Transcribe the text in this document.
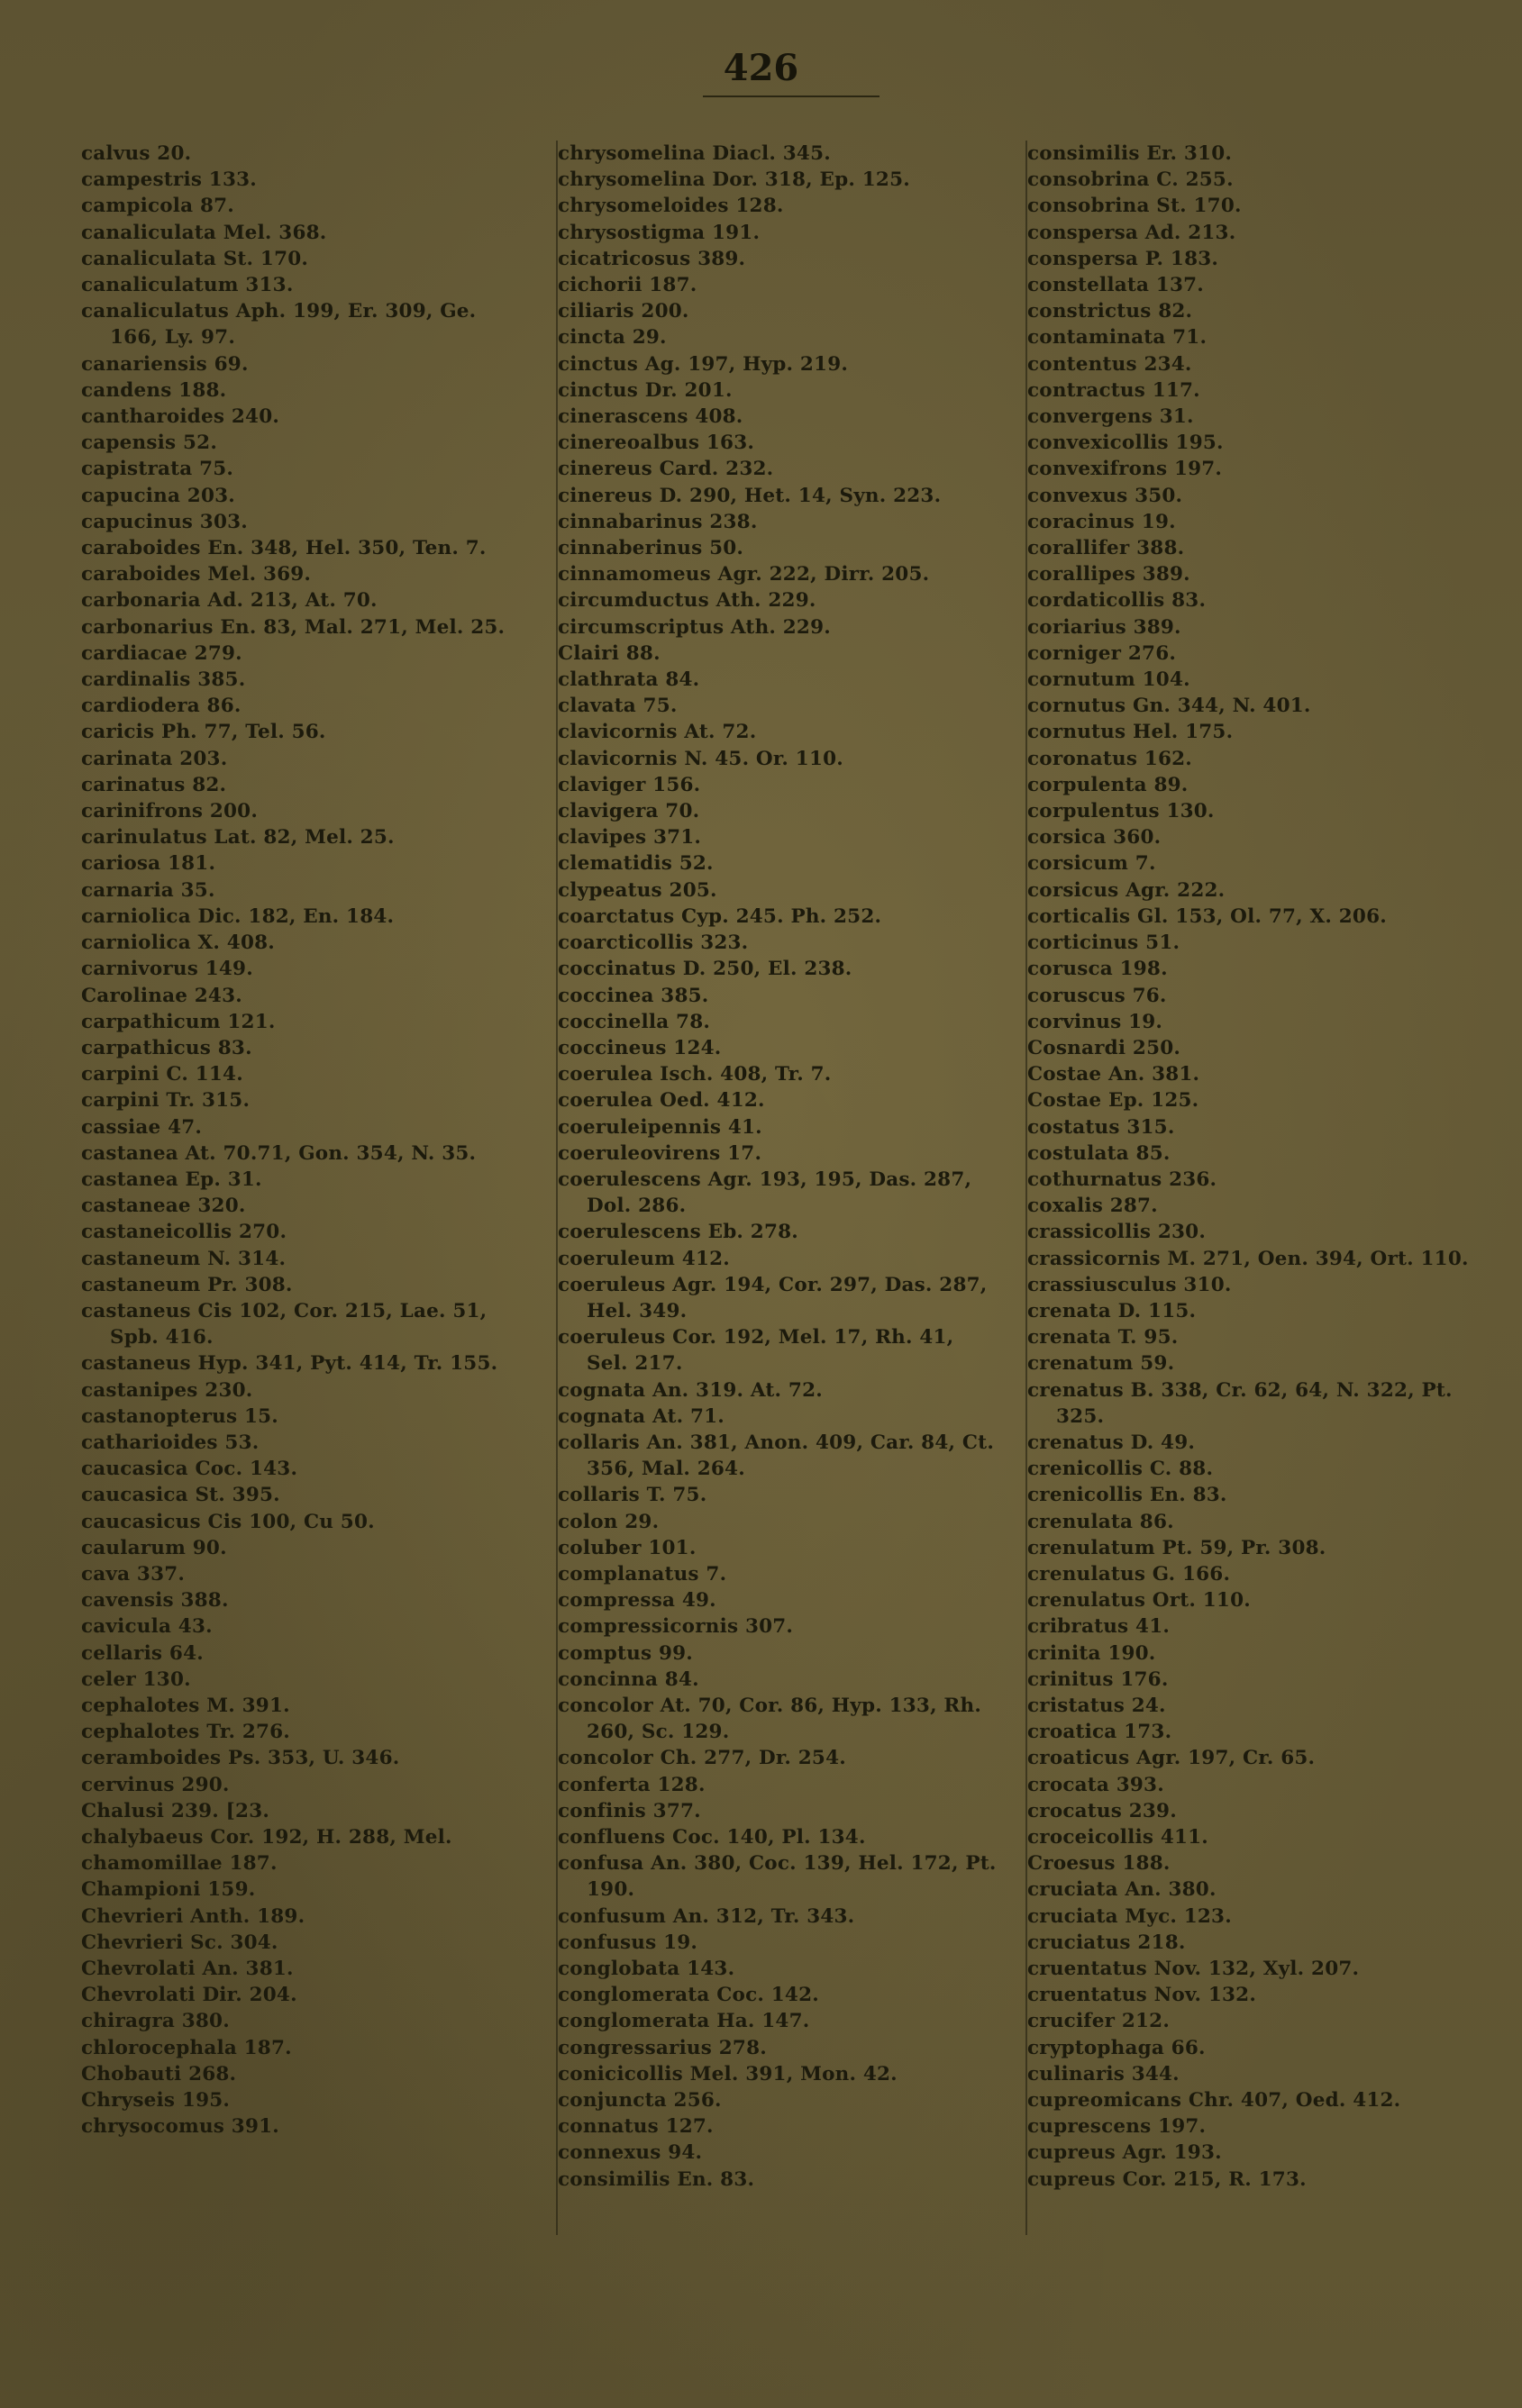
426

calvus 20.

campestris 133.

campicola 87.

canaliculata Mel. 368.

canaliculata St. 170.

canaliculatum 313.

canaliculatus Aph. 199, Er. 309, Ge. 166, Ly. 97.

canariensis 69.

candens 188.

cantharoides 240.

capensis 52.

capistrata 75.

capucina 203.

capucinus 303.

caraboides En. 348, Hel. 350, Ten. 7.

caraboides Mel. 369.

carbonaria Ad. 213, At. 70.

carbonarius En. 83, Mal. 271, Mel. 25.

cardiacae 279.

cardinalis 385.

cardiodera 86.

caricis Ph. 77, Tel. 56.

carinata 203.

carinatus 82.

carinifrons 200.

carinulatus Lat. 82, Mel. 25.

cariosa 181.

carnaria 35.

carniolica Dic. 182, En. 184.

carniolica X. 408.

carnivorus 149.

Carolinae 243.

carpathicum 121.

carpathicus 83.

carpini C. 114.

carpini Tr. 315.

cassiae 47.

castanea At. 70.71, Gon. 354, N. 35.

castanea Ep. 31.

castaneae 320.

castaneicollis 270.

castaneum N. 314.

castaneum Pr. 308.

castaneus Cis 102, Cor. 215, Lae. 51, Spb. 416.

castaneus Hyp. 341, Pyt. 414, Tr. 155.

castanipes 230.

castanopterus 15.

catharioides 53.

caucasica Coc. 143.

caucasica St. 395.

caucasicus Cis 100, Cu 50.

caularum 90.

cava 337.

cavensis 388.

cavicula 43.

cellaris 64.

celer 130.

cephalotes M. 391.

cephalotes Tr. 276.

ceramboides Ps. 353, U. 346.

cervinus 290.

Chalusi 239. [23.

chalybaeus Cor. 192, H. 288, Mel.

chamomillae 187.

Championi 159.

Chevrieri Anth. 189.

Chevrieri Sc. 304.

Chevrolati An. 381.

Chevrolati Dir. 204.

chiragra 380.

chlorocephala 187.

Chobauti 268.

Chryseis 195.

chrysocomus 391.

chrysomelina Diacl. 345.

chrysomelina Dor. 318, Ep. 125.

chrysomeloides 128.

chrysostigma 191.

cicatricosus 389.

cichorii 187.

ciliaris 200.

cincta 29.

cinctus Ag. 197, Hyp. 219.

cinctus Dr. 201.

cinerascens 408.

cinereoalbus 163.

cinereus Card. 232.

cinereus D. 290, Het. 14, Syn. 223.

cinnabarinus 238.

cinnaberinus 50.

cinnamomeus Agr. 222, Dirr. 205.

circumductus Ath. 229.

circumscriptus Ath. 229.

Clairi 88.

clathrata 84.

clavata 75.

clavicornis At. 72.

clavicornis N. 45. Or. 110.

claviger 156.

clavigera 70.

clavipes 371.

clematidis 52.

clypeatus 205.

coarctatus Cyp. 245. Ph. 252.

coarcticollis 323.

coccinatus D. 250, El. 238.

coccinea 385.

coccinella 78.

coccineus 124.

coerulea Isch. 408, Tr. 7.

coerulea Oed. 412.

coeruleipennis 41.

coeruleovirens 17.

coerulescens Agr. 193, 195, Das. 287, Dol. 286.

coerulescens Eb. 278.

coeruleum 412.

coeruleus Agr. 194, Cor. 297, Das. 287, Hel. 349.

coeruleus Cor. 192, Mel. 17, Rh. 41, Sel. 217.

cognata An. 319. At. 72.

cognata At. 71.

collaris An. 381, Anon. 409, Car. 84, Ct. 356, Mal. 264.

collaris T. 75.

colon 29.

coluber 101.

complanatus 7.

compressa 49.

compressicornis 307.

comptus 99.

concinna 84.

concolor At. 70, Cor. 86, Hyp. 133, Rh. 260, Sc. 129.

concolor Ch. 277, Dr. 254.

conferta 128.

confinis 377.

confluens Coc. 140, Pl. 134.

confusa An. 380, Coc. 139, Hel. 172, Pt. 190.

confusum An. 312, Tr. 343.

confusus 19.

conglobata 143.

conglomerata Coc. 142.

conglomerata Ha. 147.

congressarius 278.

conicicollis Mel. 391, Mon. 42.

conjuncta 256.

connatus 127.

connexus 94.

consimilis En. 83.

consimilis Er. 310.

consobrina C. 255.

consobrina St. 170.

conspersa Ad. 213.

conspersa P. 183.

constellata 137.

constrictus 82.

contaminata 71.

contentus 234.

contractus 117.

convergens 31.

convexicollis 195.

convexifrons 197.

convexus 350.

coracinus 19.

corallifer 388.

corallipes 389.

cordaticollis 83.

coriarius 389.

corniger 276.

cornutum 104.

cornutus Gn. 344, N. 401.

cornutus Hel. 175.

coronatus 162.

corpulenta 89.

corpulentus 130.

corsica 360.

corsicum 7.

corsicus Agr. 222.

corticalis Gl. 153, Ol. 77, X. 206.

corticinus 51.

corusca 198.

coruscus 76.

corvinus 19.

Cosnardi 250.

Costae An. 381.

Costae Ep. 125.

costatus 315.

costulata 85.

cothurnatus 236.

coxalis 287.

crassicollis 230.

crassicornis M. 271, Oen. 394, Ort. 110.

crassiusculus 310.

crenata D. 115.

crenata T. 95.

crenatum 59.

crenatus B. 338, Cr. 62, 64, N. 322, Pt. 325.

crenatus D. 49.

crenicollis C. 88.

crenicollis En. 83.

crenulata 86.

crenulatum Pt. 59, Pr. 308.

crenulatus G. 166.

crenulatus Ort. 110.

cribratus 41.

crinita 190.

crinitus 176.

cristatus 24.

croatica 173.

croaticus Agr. 197, Cr. 65.

crocata 393.

crocatus 239.

croceicollis 411.

Croesus 188.

cruciata An. 380.

cruciata Myc. 123.

cruciatus 218.

cruentatus Nov. 132, Xyl. 207.

cruentatus Nov. 132.

crucifer 212.

cryptophaga 66.

culinaris 344.

cupreomicans Chr. 407, Oed. 412.

cuprescens 197.

cupreus Agr. 193.

cupreus Cor. 215, R. 173.
